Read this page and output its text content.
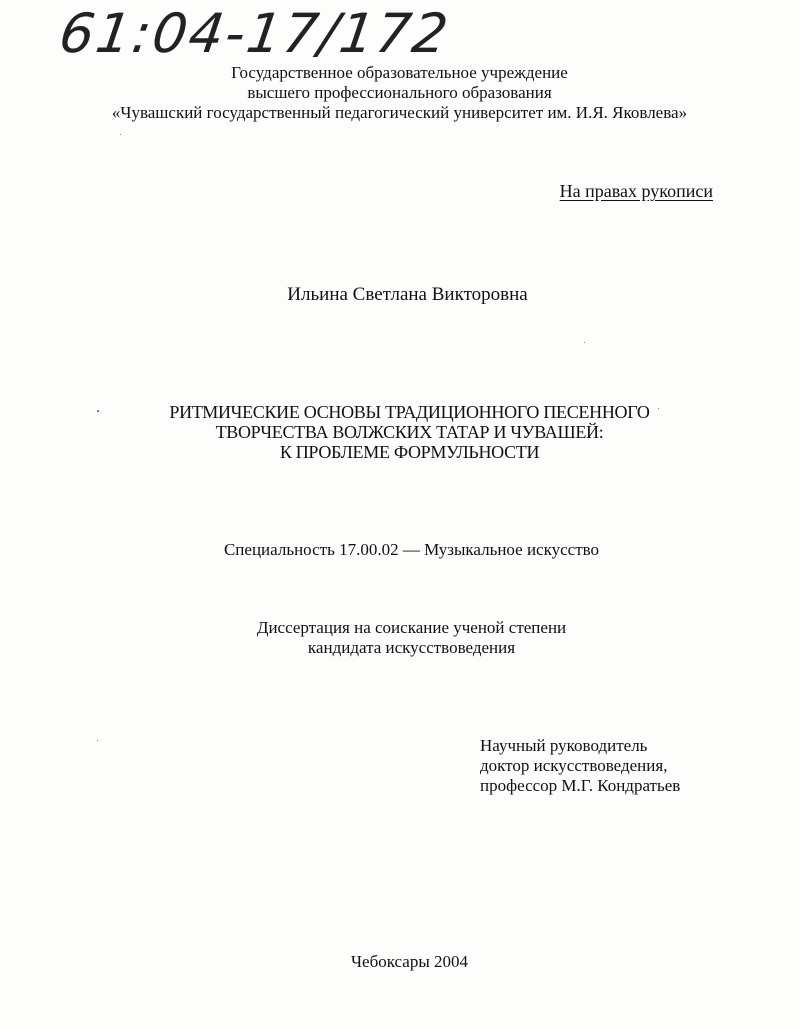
61:04-17/172
Государственное образовательное учреждение
высшего профессионального образования
«Чувашский государственный педагогический университет им. И.Я. Яковлева»
На правах рукописи
Ильина Светлана Викторовна
РИТМИЧЕСКИЕ ОСНОВЫ ТРАДИЦИОННОГО ПЕСЕННОГО
ТВОРЧЕСТВА ВОЛЖСКИХ ТАТАР И ЧУВАШЕЙ:
К ПРОБЛЕМЕ ФОРМУЛЬНОСТИ
Специальность 17.00.02 — Музыкальное искусство
Диссертация на соискание ученой степени
кандидата искусствоведения
Научный руководитель
доктор искусствоведения,
профессор М.Г. Кондратьев
Чебоксары 2004
